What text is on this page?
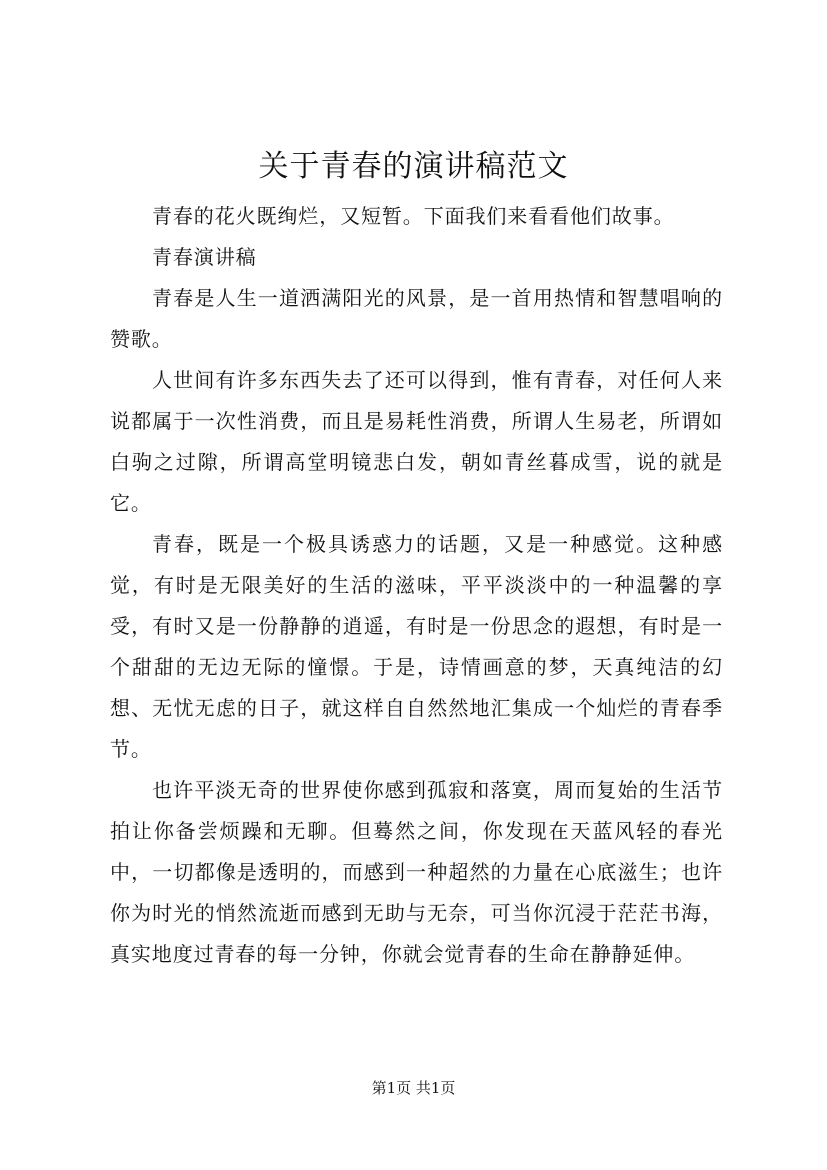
关于青春的演讲稿范文

青春的花火既绚烂，又短暂。下面我们来看看他们故事。

青春演讲稿

青春是人生一道洒满阳光的风景，是一首用热情和智慧唱响的赞歌。

人世间有许多东西失去了还可以得到，惟有青春，对任何人来说都属于一次性消费，而且是易耗性消费，所谓人生易老，所谓如白驹之过隙，所谓高堂明镜悲白发，朝如青丝暮成雪，说的就是它。

青春，既是一个极具诱惑力的话题，又是一种感觉。这种感觉，有时是无限美好的生活的滋味，平平淡淡中的一种温馨的享受，有时又是一份静静的逍遥，有时是一份思念的遐想，有时是一个甜甜的无边无际的憧憬。于是，诗情画意的梦，天真纯洁的幻想、无忧无虑的日子，就这样自自然然地汇集成一个灿烂的青春季节。

也许平淡无奇的世界使你感到孤寂和落寞，周而复始的生活节拍让你备尝烦躁和无聊。但蓦然之间，你发现在天蓝风轻的春光中，一切都像是透明的，而感到一种超然的力量在心底滋生；也许你为时光的悄然流逝而感到无助与无奈，可当你沉浸于茫茫书海，真实地度过青春的每一分钟，你就会觉青春的生命在静静延伸。

第1页 共1页
